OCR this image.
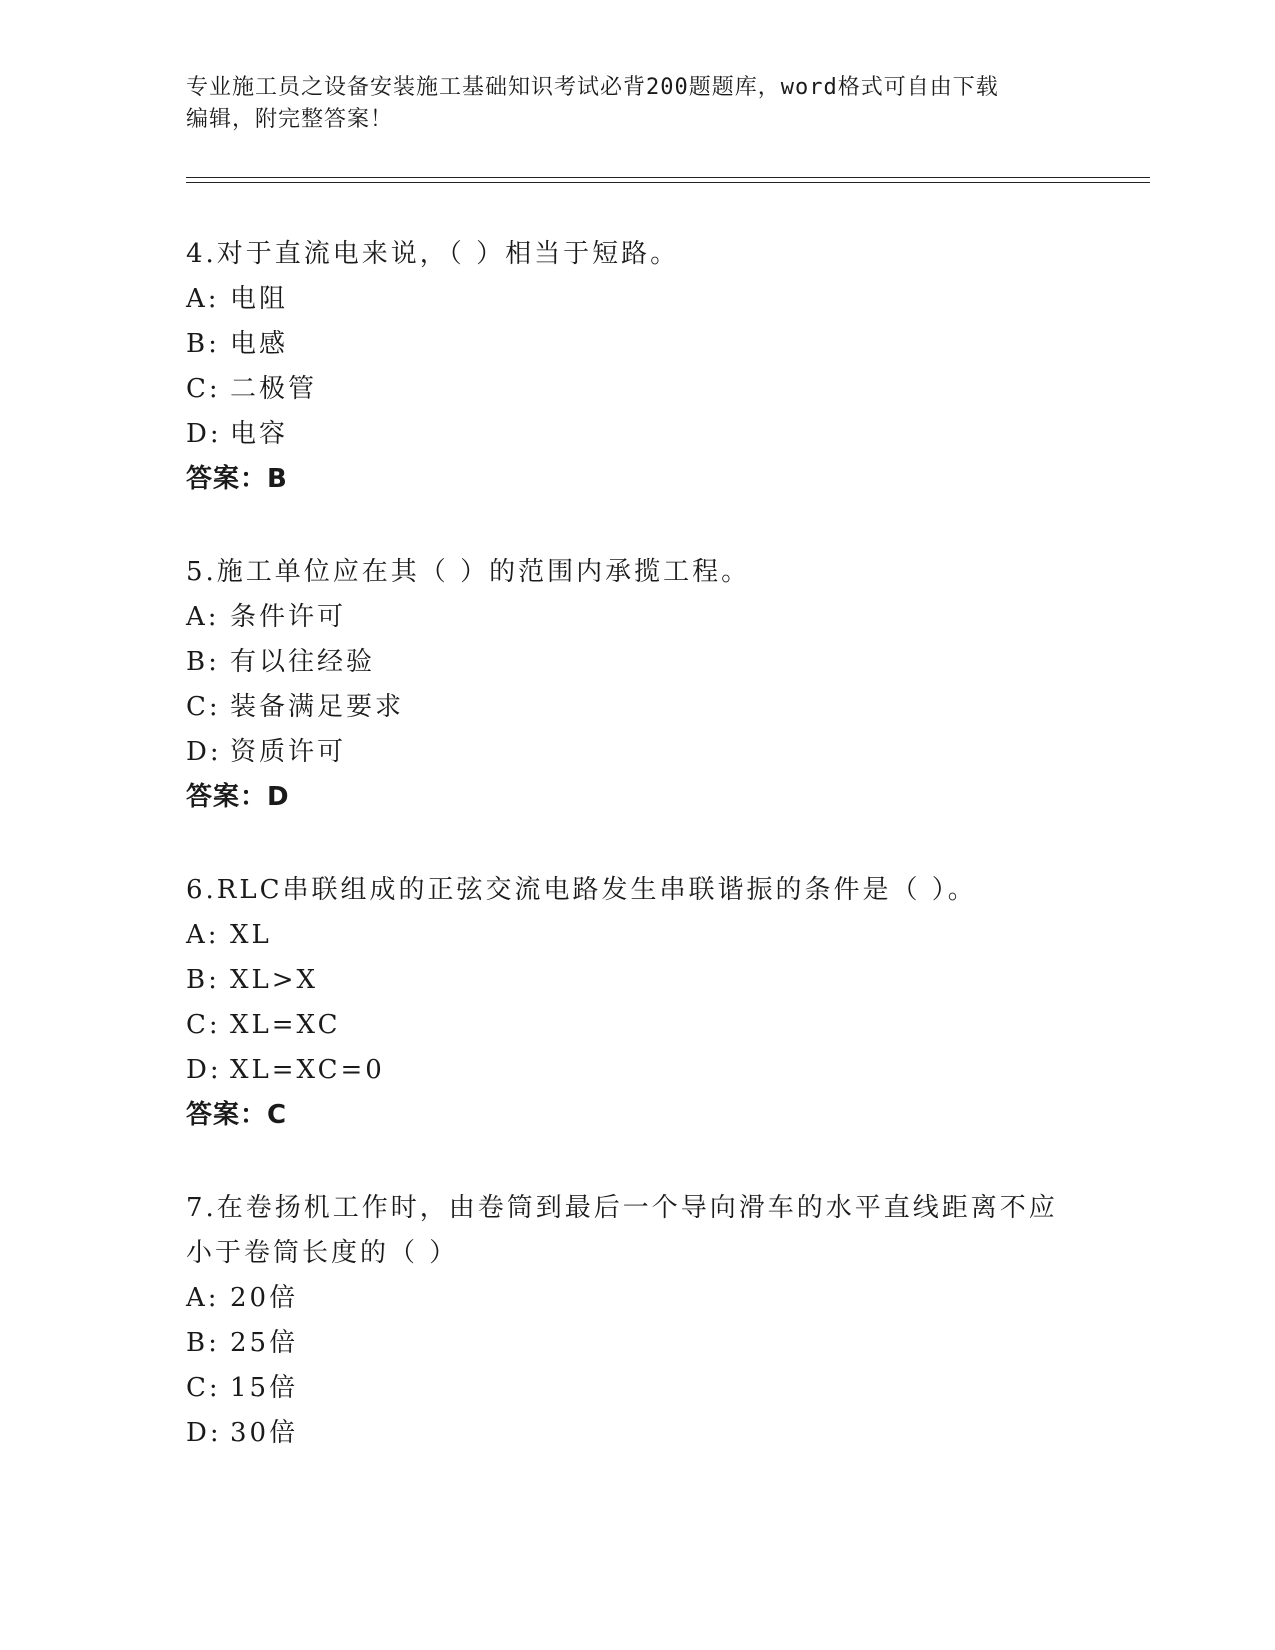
专业施工员之设备安装施工基础知识考试必背200题题库，word格式可自由下载
编辑，附完整答案！

4.对于直流电来说，（ ）相当于短路。

A: 电阻

B: 电感

C: 二极管

D: 电容

答案：B

5.施工单位应在其（ ）的范围内承揽工程。

A: 条件许可

B: 有以往经验

C: 装备满足要求

D: 资质许可

答案：D

6.RLC串联组成的正弦交流电路发生串联谐振的条件是（ ）。

A: XL

B: XL>X

C: XL=XC

D: XL=XC=0

答案：C

7.在卷扬机工作时，由卷筒到最后一个导向滑车的水平直线距离不应小于卷筒长度的（ ）

A: 20倍

B: 25倍

C: 15倍

D: 30倍
